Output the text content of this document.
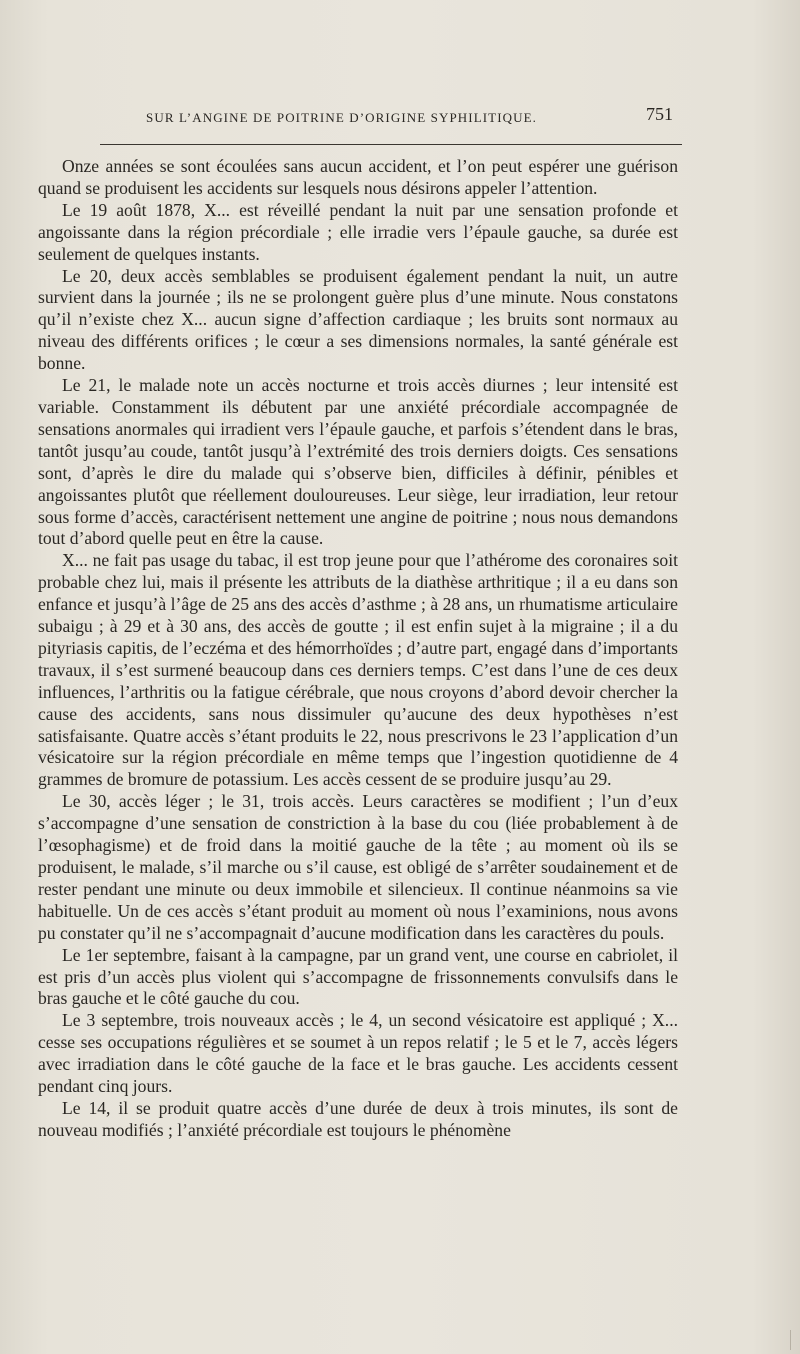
SUR L’ANGINE DE POITRINE D’ORIGINE SYPHILITIQUE.	751

Onze années se sont écoulées sans aucun accident, et l’on peut espérer une guérison quand se produisent les accidents sur lesquels nous désirons appeler l’attention.

Le 19 août 1878, X... est réveillé pendant la nuit par une sensation profonde et angoissante dans la région précordiale ; elle irradie vers l’épaule gauche, sa durée est seulement de quelques instants.

Le 20, deux accès semblables se produisent également pendant la nuit, un autre survient dans la journée ; ils ne se prolongent guère plus d’une minute. Nous constatons qu’il n’existe chez X... aucun signe d’affection cardiaque ; les bruits sont normaux au niveau des différents orifices ; le cœur a ses dimensions normales, la santé générale est bonne.

Le 21, le malade note un accès nocturne et trois accès diurnes ; leur intensité est variable. Constamment ils débutent par une anxiété précordiale accompagnée de sensations anormales qui irradient vers l’épaule gauche, et parfois s’étendent dans le bras, tantôt jusqu’au coude, tantôt jusqu’à l’extrémité des trois derniers doigts. Ces sensations sont, d’après le dire du malade qui s’observe bien, difficiles à définir, pénibles et angoissantes plutôt que réellement douloureuses. Leur siège, leur irradiation, leur retour sous forme d’accès, caractérisent nettement une angine de poitrine ; nous nous demandons tout d’abord quelle peut en être la cause.

X... ne fait pas usage du tabac, il est trop jeune pour que l’athérome des coronaires soit probable chez lui, mais il présente les attributs de la diathèse arthritique ; il a eu dans son enfance et jusqu’à l’âge de 25 ans des accès d’asthme ; à 28 ans, un rhumatisme articulaire subaigu ; à 29 et à 30 ans, des accès de goutte ; il est enfin sujet à la migraine ; il a du pityriasis capitis, de l’eczéma et des hémorrhoïdes ; d’autre part, engagé dans d’importants travaux, il s’est surmené beaucoup dans ces derniers temps. C’est dans l’une de ces deux influences, l’arthritis ou la fatigue cérébrale, que nous croyons d’abord devoir chercher la cause des accidents, sans nous dissimuler qu’aucune des deux hypothèses n’est satisfaisante. Quatre accès s’étant produits le 22, nous prescrivons le 23 l’application d’un vésicatoire sur la région précordiale en même temps que l’ingestion quotidienne de 4 grammes de bromure de potassium. Les accès cessent de se produire jusqu’au 29.

Le 30, accès léger ; le 31, trois accès. Leurs caractères se modifient ; l’un d’eux s’accompagne d’une sensation de constriction à la base du cou (liée probablement à de l’œsophagisme) et de froid dans la moitié gauche de la tête ; au moment où ils se produisent, le malade, s’il marche ou s’il cause, est obligé de s’arrêter soudainement et de rester pendant une minute ou deux immobile et silencieux. Il continue néanmoins sa vie habituelle. Un de ces accès s’étant produit au moment où nous l’examinions, nous avons pu constater qu’il ne s’accompagnait d’aucune modification dans les caractères du pouls.

Le 1er septembre, faisant à la campagne, par un grand vent, une course en cabriolet, il est pris d’un accès plus violent qui s’accompagne de frissonnements convulsifs dans le bras gauche et le côté gauche du cou.

Le 3 septembre, trois nouveaux accès ; le 4, un second vésicatoire est appliqué ; X... cesse ses occupations régulières et se soumet à un repos relatif ; le 5 et le 7, accès légers avec irradiation dans le côté gauche de la face et le bras gauche. Les accidents cessent pendant cinq jours.

Le 14, il se produit quatre accès d’une durée de deux à trois minutes, ils sont de nouveau modifiés ; l’anxiété précordiale est toujours le phénomène
